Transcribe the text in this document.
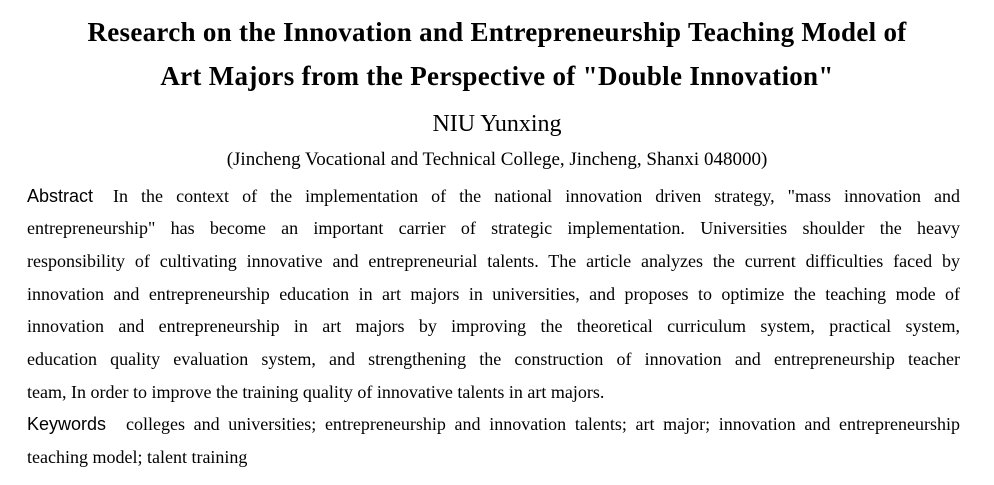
Research on the Innovation and Entrepreneurship Teaching Model of
Art Majors from the Perspective of "Double Innovation"
NIU Yunxing
(Jincheng Vocational and Technical College, Jincheng, Shanxi 048000)
Abstract In the context of the implementation of the national innovation driven strategy, "mass innovation and
entrepreneurship" has become an important carrier of strategic implementation. Universities shoulder the heavy
responsibility of cultivating innovative and entrepreneurial talents. The article analyzes the current difficulties faced by
innovation and entrepreneurship education in art majors in universities, and proposes to optimize the teaching mode of
innovation and entrepreneurship in art majors by improving the theoretical curriculum system, practical system,
education quality evaluation system, and strengthening the construction of innovation and entrepreneurship teacher
team, In order to improve the training quality of innovative talents in art majors.
Keywords colleges and universities; entrepreneurship and innovation talents; art major; innovation and entrepreneurship
teaching model; talent training
